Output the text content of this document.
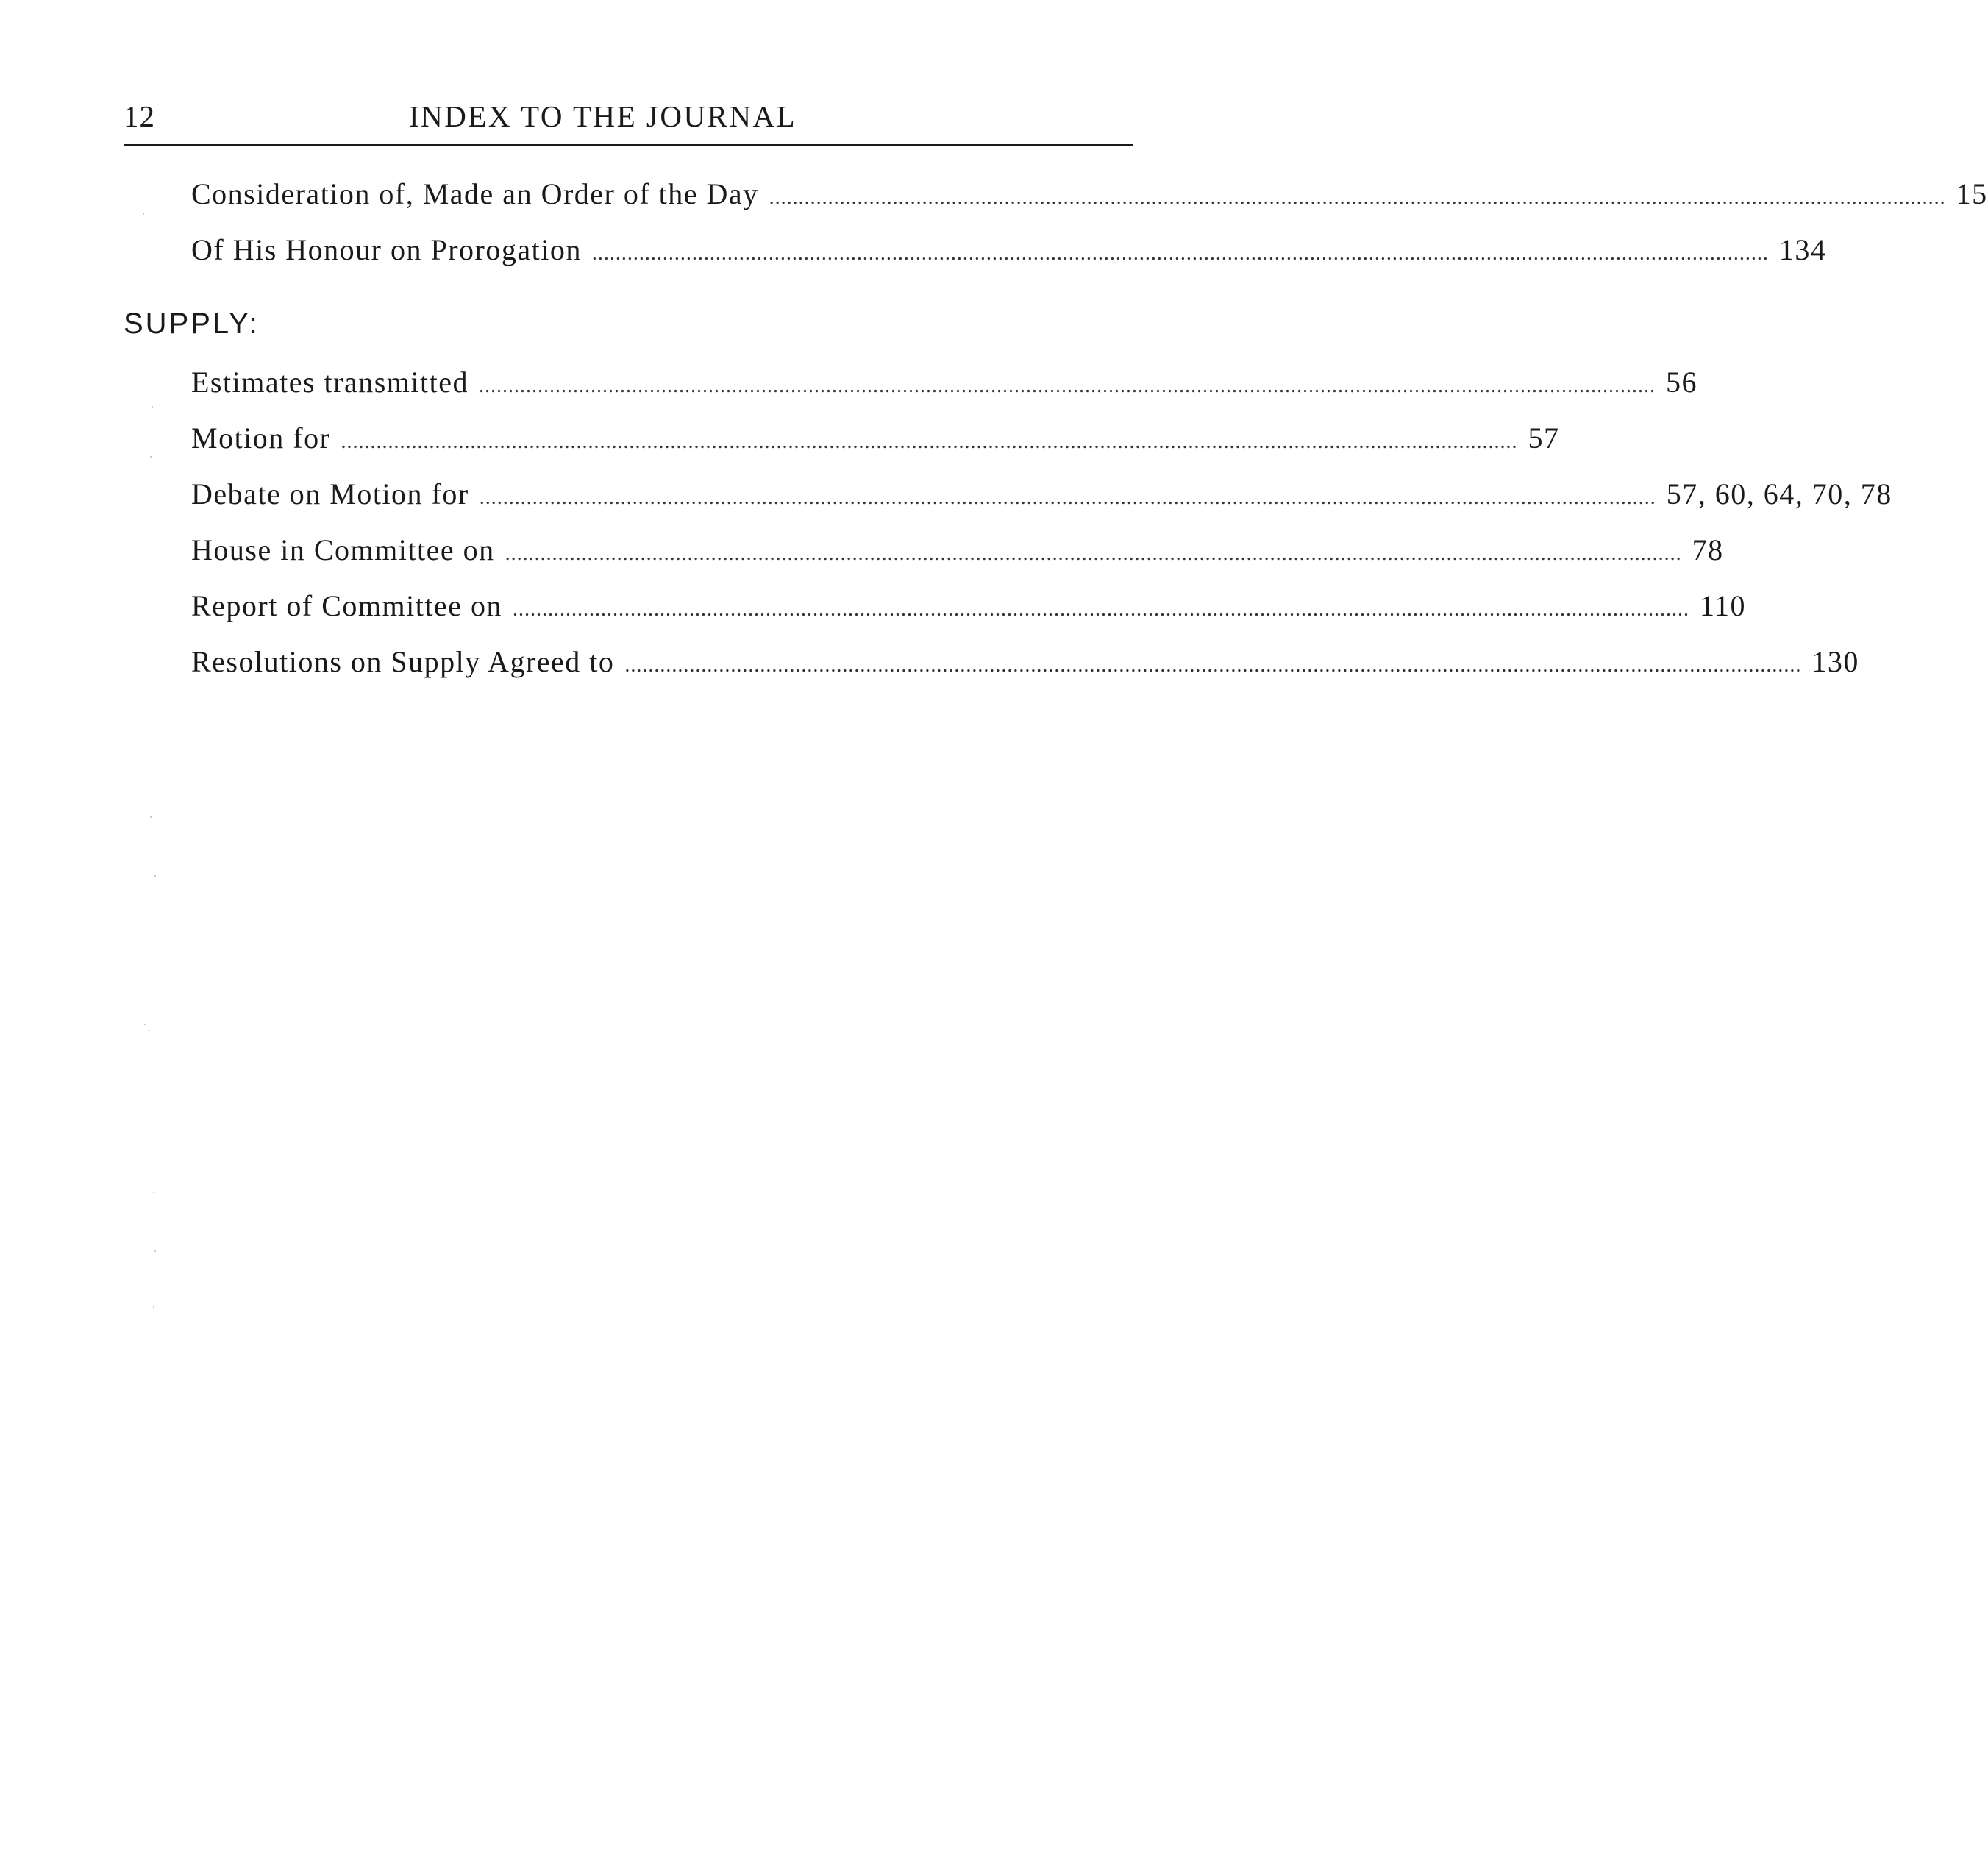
12	INDEX TO THE JOURNAL
Consideration of, Made an Order of the Day ........................................................................................................................................................................................................ 15
Of His Honour on Prorogation ........................................................................................................................................................................................................ 134
SUPPLY:
Estimates transmitted ........................................................................................................................................................................................................ 56
Motion for ........................................................................................................................................................................................................ 57
Debate on Motion for ........................................................................................................................................................................................................ 57, 60, 64, 70, 78
House in Committee on ........................................................................................................................................................................................................ 78
Report of Committee on ........................................................................................................................................................................................................ 110
Resolutions on Supply Agreed to ........................................................................................................................................................................................................ 130
